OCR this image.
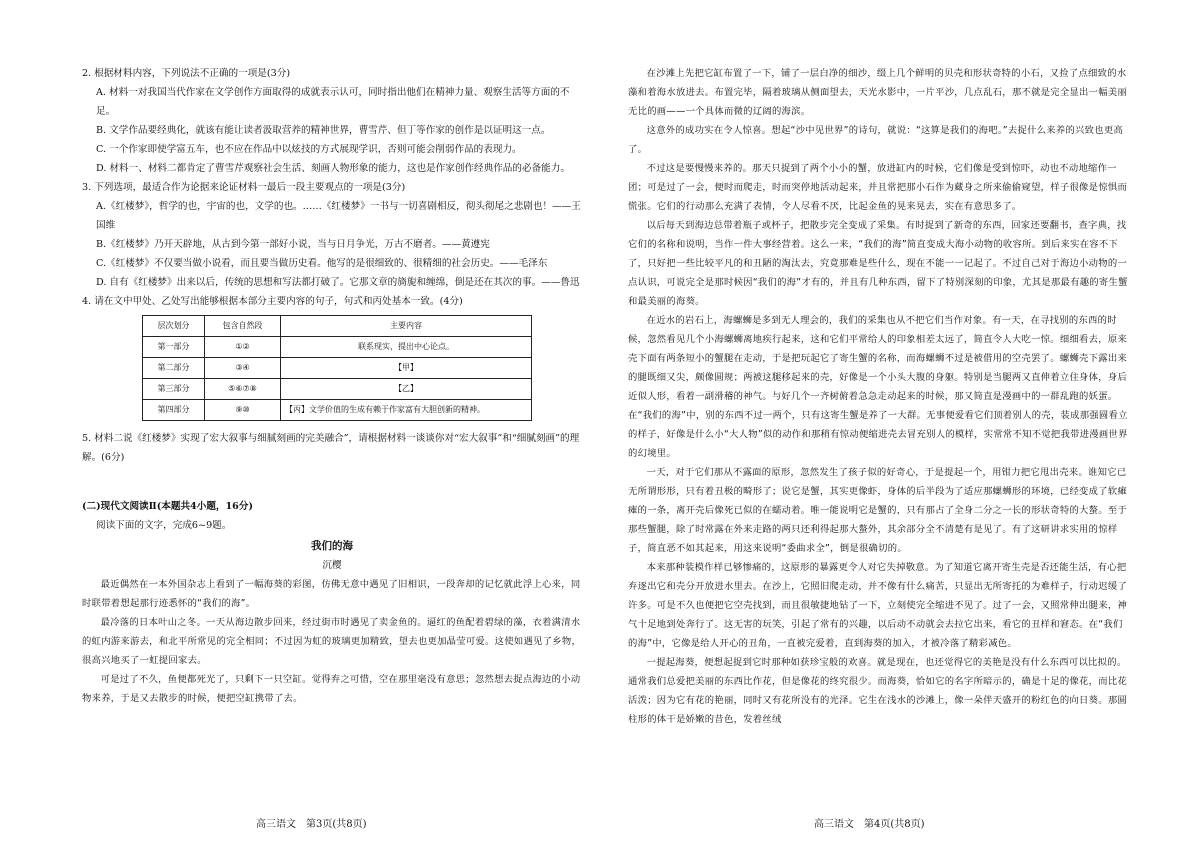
2. 根据材料内容，下列说法不正确的一项是(3分)
A. 材料一对我国当代作家在文学创作方面取得的成就表示认可，同时指出他们在精神力量、观察生活等方面的不足。
B. 文学作品要经典化，就该有能让读者汲取营养的精神世界，曹雪芹、但丁等作家的创作是以证明这一点。
C. 一个作家即使学富五车，也不应在作品中以炫技的方式展现学识，否则可能会削弱作品的表现力。
D. 材料一、材料二都肯定了曹雪芹观察社会生活、刻画人物形象的能力，这也是作家创作经典作品的必备能力。
3. 下列选项，最适合作为论据来论证材料一最后一段主要观点的一项是(3分)
A.《红楼梦》，哲学的也，宇宙的也，文学的也。……《红楼梦》一书与一切喜剧相反，彻头彻尾之悲剧也！——王国维
B.《红楼梦》乃开天辟地，从古到今第一部好小说，当与日月争光，万古不磨者。——黄遵宪
C.《红楼梦》不仅要当做小说看，而且要当做历史看。他写的是很细致的、很精细的社会历史。——毛泽东
D. 自有《红楼梦》出来以后，传统的思想和写法都打破了。它那文章的旖旎和缠绵，倒是还在其次的事。——鲁迅
4. 请在文中甲处、乙处写出能够根据本部分主要内容的句子，句式和丙处基本一致。(4分)
层次划分	包含自然段	主要内容
第一部分	①②	联系现实，提出中心论点。
第二部分	③④	【甲】
第三部分	⑤⑥⑦⑧	【乙】
第四部分	⑨⑩	【丙】文学价值的生成有赖于作家富有大胆创新的精神。
5. 材料二说《红楼梦》实现了宏大叙事与细腻刻画的完美融合”，请根据材料一谈谈你对“宏大叙事”和“细腻刻画”的理解。(6分)
(二)现代文阅读Ⅱ(本题共4小题，16分)
阅读下面的文字，完成6~9题。
我们的海
沉樱
最近偶然在一本外国杂志上看到了一幅海葵的彩图，仿佛无意中遇见了旧相识，一段奔却的记忆就此浮上心来，同时联带着想起那行迹悉怀的“我们的海”。
最冷落的日本叶山之冬。一天从海边散步回来，经过街市时遇见了卖金鱼的。逼红的鱼配着碧绿的藻，衣着满清水的虹内游来游去，和北平所常见的完全相同；不过因为虹的玻璃更加精致，望去也更加晶莹可爱。这使如遇见了乡物，很高兴地买了一虹提回家去。
可是过了不久，鱼便都死光了，只剩下一只空缸。觉得弃之可惜，空在那里毫没有意思；忽然想去捉点海边的小动物来养，于是又去散步的时候，便把空缸携带了去。
在沙滩上先把它缸布置了一下，铺了一层白净的细沙，缀上几个鲜明的贝壳和形状奇特的小石，又捡了点细致的水藻和着海水放进去。布置完毕，隔着玻璃从侧面望去，天光水影中，一片平沙，几点乱石，那不就是完全显出一幅美丽无比的画——一个具体而微的辽阔的海滨。
这意外的成功实在令人惊喜。想起“沙中见世界”的诗句，就说：“这算是我们的海吧。”去捉什么来养的兴致也更高了。
不过这是要慢慢来养的。那天只捉到了两个小小的蟹，放进缸内的时候，它们像是受到惊吓，动也不动地缩作一团；可是过了一会，便时而爬走，时而突停地活动起来，并且常把那小石作为藏身之所来偷偷窥望，样子很像是惊惧而慌张。它们的行动那么充满了表情，令人尽看不厌，比起金鱼的晃来晃去，实在有意思多了。
以后每天到海边总带着瓶子或杯子，把散步完全变成了采集。有时捉到了新奇的东西，回家还要翻书，查字典，找它们的名称和说明，当作一件大事经营着。这么一来，“我们的海”简直变成大海小动物的收容所。到后来实在容不下了，只好把一些比较平凡的和丑陋的淘汰去，究竟那难是些什么，现在不能一一记起了。不过自己对于海边小动物的一点认识，可说完全是那时候因“我们的海”才有的，并且有几种东西，留下了特别深刻的印象，尤其是那最有趣的寄生蟹和最美丽的海葵。
在近水的岩石上，海螺蛳是多到无人理会的，我们的采集也从不把它们当作对象。有一天，在寻找别的东西的时候，忽然看见几个小海螺蛳离地疾行起来，这和它们平常给人的印象相差太远了，简直令人大吃一惊。细细看去，原来壳下面有两条短小的蟹腿在走动，于是把玩起它了寄生蟹的名称，而海螺蛳不过是被借用的空壳罢了。螺蛳壳下露出来的腿既细又尖，颇像圆规；两被这腿移起来的壳，好像是一个小头大腹的身躯。特别是当腿两又直伸着立住身体，身后近似人形，看着一副滑稽的神气。与好几个一齐树俯着急急走动起来的时候，那又简直是漫画中的一群乱跑的妖蛋。在“我们的海”中，别的东西不过一两个，只有这寄生蟹是养了一大群。无事便爱看它们顶着别人的壳，装成那强圆看立的样子，好像是什么小“大人物”似的动作和那稍有惊动便缩进壳去冒充别人的模样，实常常不知不觉把我带进漫画世界的幻境里。
一天，对于它们那从不露面的原形，忽然发生了孩子似的好奇心，于是提起一个，用钳力把它甩出壳来。谁知它已无所谓形形，只有着丑极的畸形了；说它是蟹，其实更像虾，身体的后半段为了适应那螺蛳形的环境，已经变成了软瘫瘫的一条，离开壳后像死已似的在蠕动着。唯一能说明它是蟹的，只有那占了全身二分之一长的形状奇特的大螯。至于那些蟹腿，除了时常露在外来走路的两只还利得起那大螯外，其余部分全不清楚有是见了。有了这研讲求实用的惊样子，简直恶不如其起来，用这来说明“委曲求全”，倒是很确切的。
本来那种装模作样已够惨痛的，这原形的暴露更令人对它失掉敬意。为了知道它离开寄生壳是否还能生活，有心把弃逐出它和壳分开放进水里去。在沙上，它照旧爬走动，并不像有什么痛苦，只显出无所寄托的为难样子，行动迟缓了许多。可是不久也便把它空壳找到，而且很敏捷地钻了一下，立刻使完全缩进不见了。过了一会，又照常伸出腿来，神气十足地到处奔行了。这无害的玩笑，引起了常有的兴趣，以后动不动就会去拉它出来，看它的丑样和窘态。在“我们的海”中，它像是给人开心的丑角，一直被完爱着，直到海葵的加入，才被冷落了精彩减色。
一提起海葵，便想起捉到它时那种如获珍宝般的欢喜。就是现在，也还觉得它的美艳是没有什么东西可以比拟的。通常我们总爱把美丽的东西比作花，但是像花的终究很少。而海葵，恰如它的名字所暗示的，确是十足的像花，而比花活泼；因为它有花的艳丽，同时又有花所没有的光泽。它生在浅水的沙滩上，像一朵伴天盛开的粉红色的向日葵。那圆柱形的体干是娇嫩的昔色，发着丝绒
高三语文　第3页(共8页)	高三语文　第4页(共8页)
